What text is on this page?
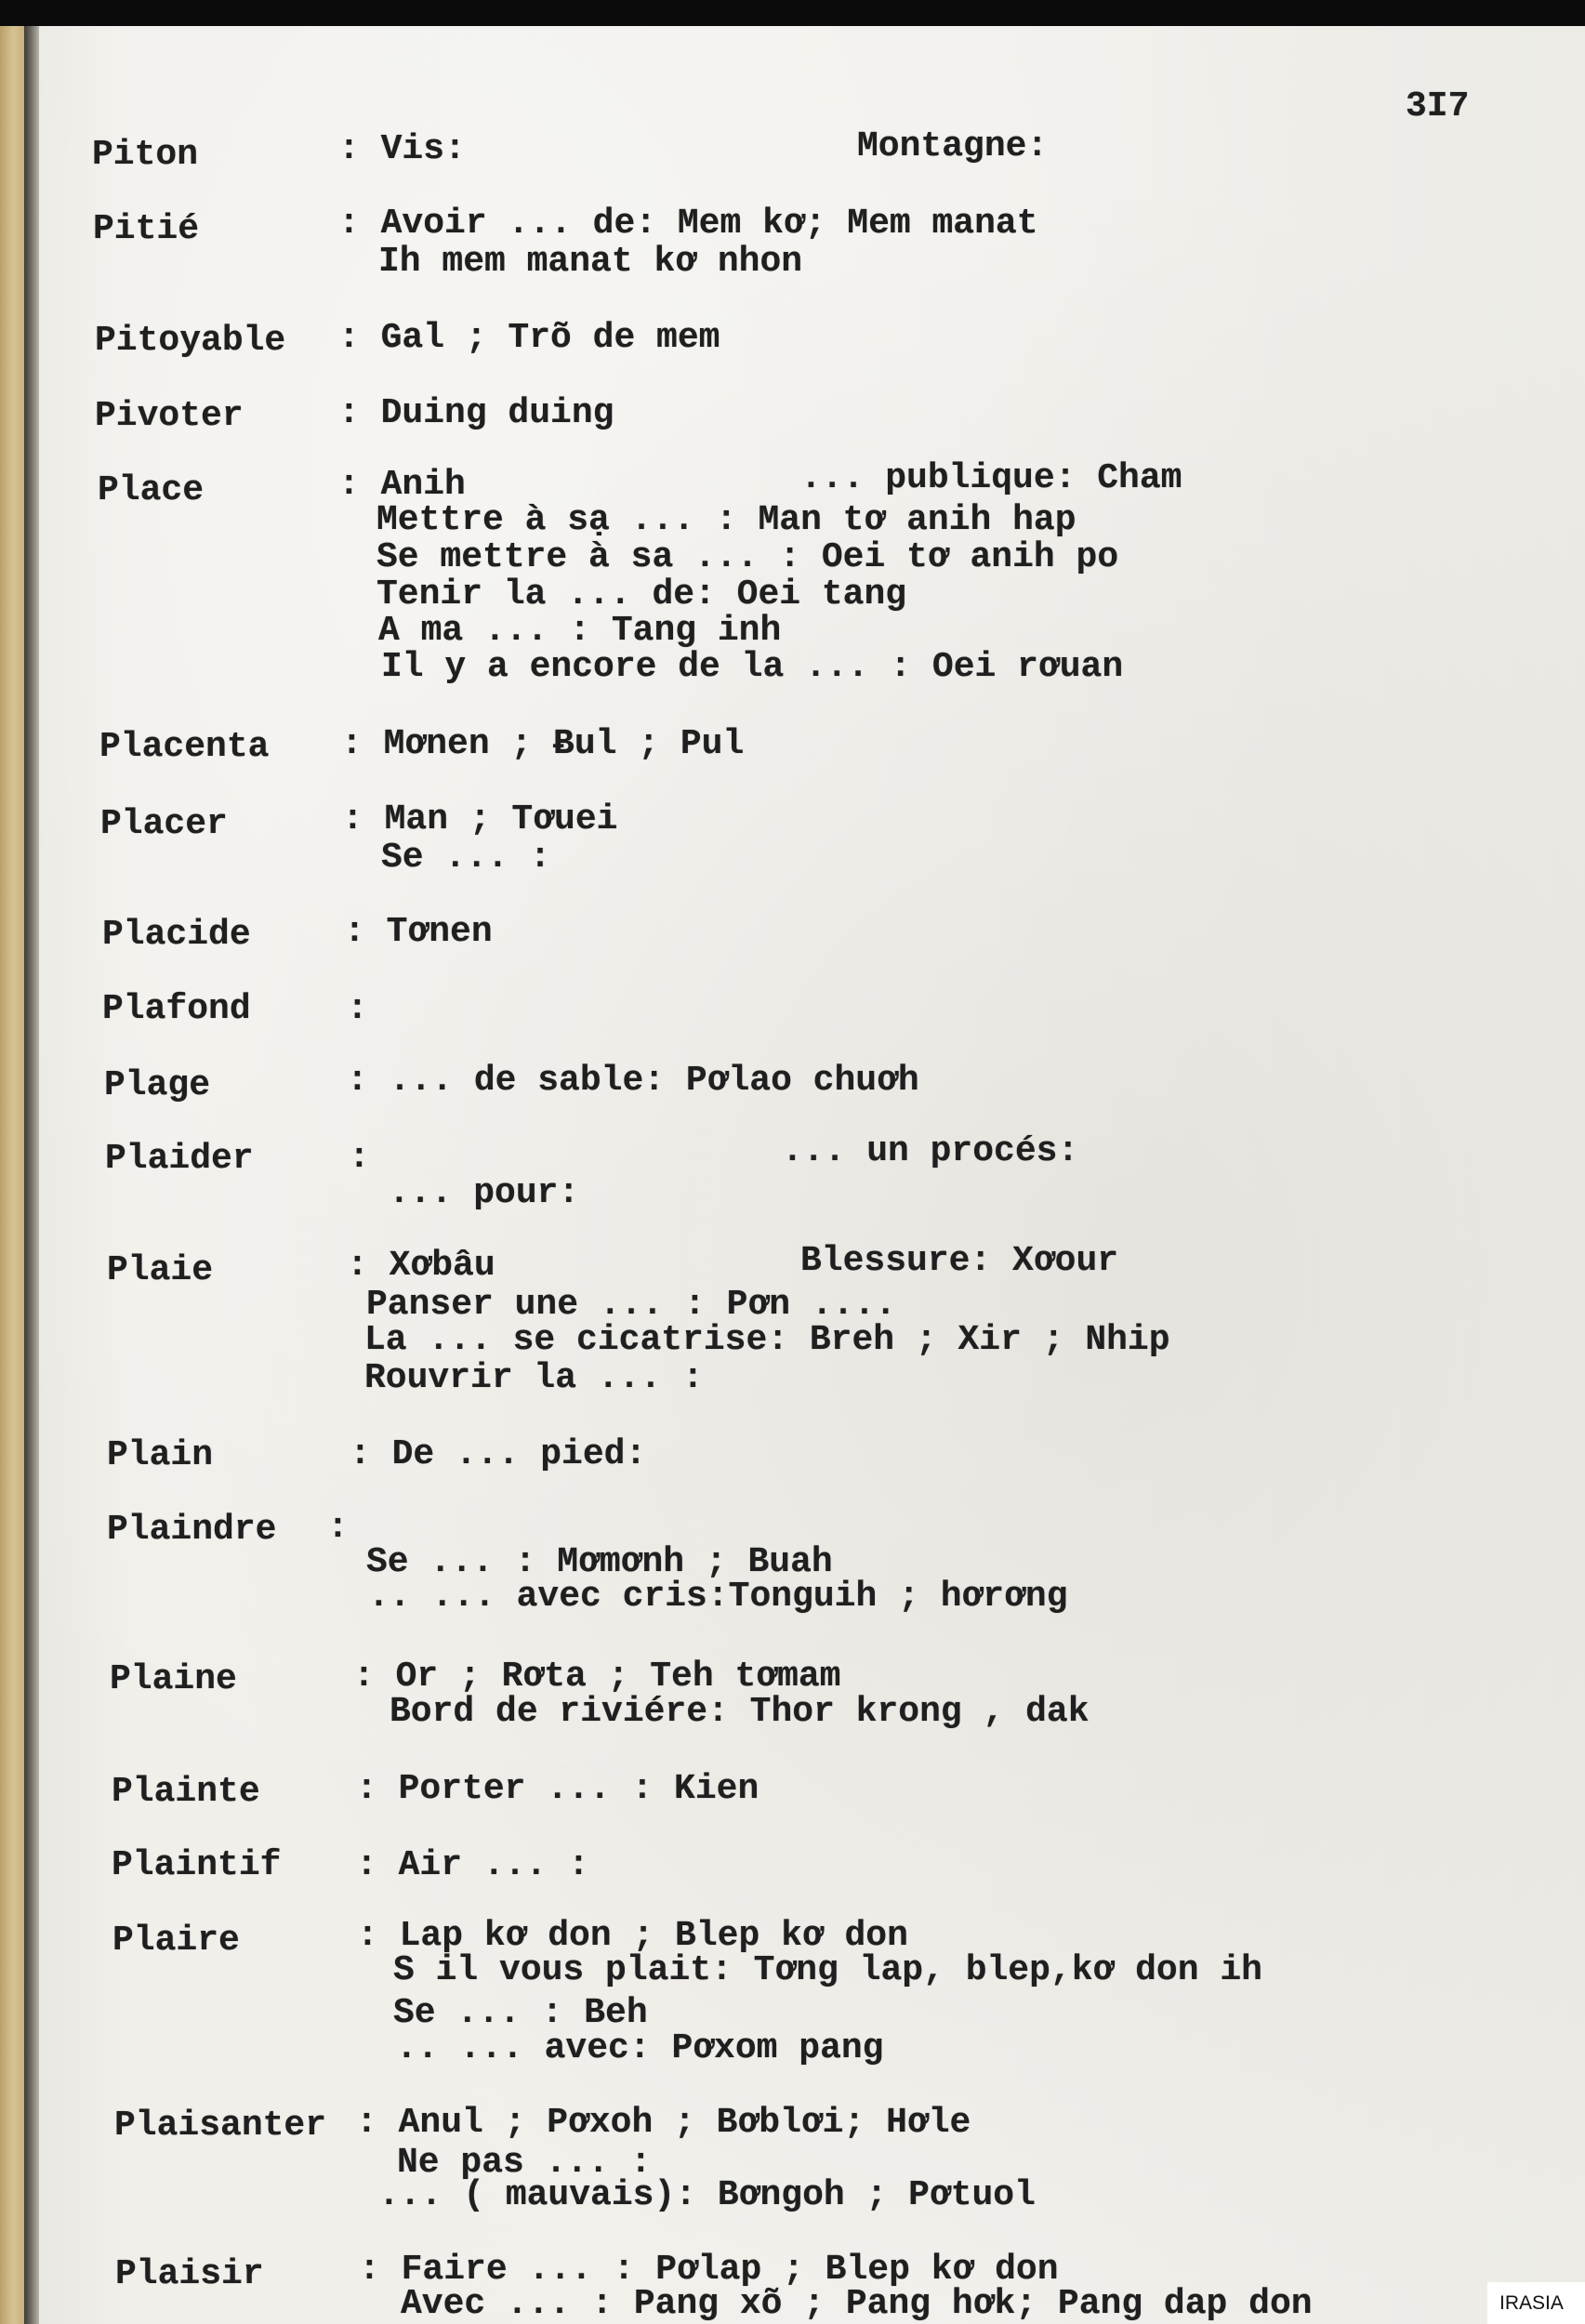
3I7
Piton	: Vis:	Montagne:
Pitié	: Avoir ... de: Mem kơ; Mem manat
Ih mem manat kơ nhon
Pitoyable : Gal ; Trõ de mem
Pivoter	: Duing duing
Place	: Anih	... publique: Cham
Mettre à sạ ... : Man tơ anih hap
Se mettre à sa ... : Oei tơ anih po
Tenir la ... de: Oei tang
A ma ... : Tang inh
Il y a encore de la ... : Oei rơuan
Placenta : Mơnen ; Ƀul ; Pul
Placer	: Man ; Tơuei
Se ... :
Placide	: Tơnen
Plafond	:
Plage	: ... de sable: Pơlao chuơh
Plaider	:	... un procés:
... pour:
Plaie	: Xơbâu	Blessure: Xơour
Panser une ... : Pơn ....
La ... se cicatrise: Breh ; Xir ; Nhip
Rouvrir la ... :
Plain	: De ... pied:
Plaindre :
Se ... : Mơmơnh ; Buah
.. ... avec cris:Tonguih ; hơrơng
Plaine	: Or ; Rơta ; Teh tơmam
Bord de riviére: Thor krong , dak
Plainte	: Porter ... : Kien
Plaintif : Air ... :
Plaire	: Lap kơ don ; Blep kơ don
S il vous plait: Tơng lap, blep,kơ don ih
Se ... : Beh
.. ... avec: Pơxom pang
Plaisanter : Anul ; Pơxoh ; Bơblơi; Hơle
Ne pas ... :
... ( mauvais): Bơngoh ; Pơtuol
Plaisir	: Faire ... : Pơlap ; Blep kơ don
Avec ... : Pang xõ ; Pang hơk; Pang dap don	IRASIA
